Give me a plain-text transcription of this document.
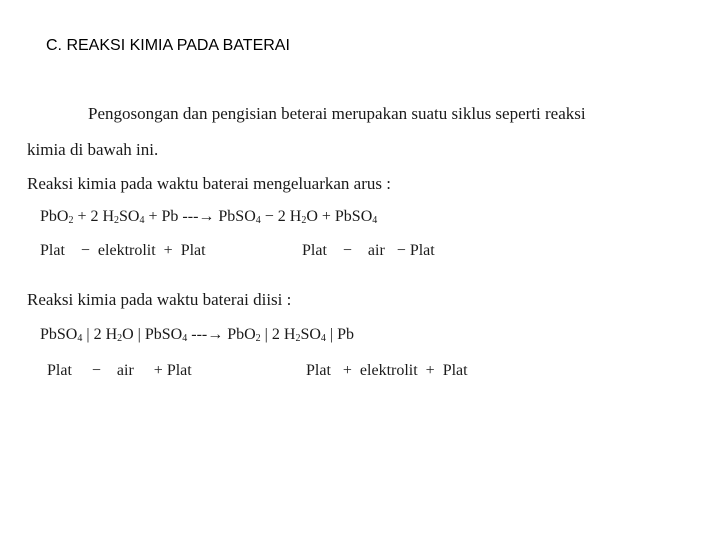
C. REAKSI KIMIA PADA BATERAI
Pengosongan dan pengisian beterai merupakan suatu siklus seperti reaksi
kimia di bawah ini.
Reaksi kimia pada waktu baterai mengeluarkan arus :
PbO$_2$ + 2 $H_2SO_4 + Pb$ ---→ PbSO$_4$ − 2 $H_2O$ + PbSO$_4$
Plat    −  elektrolit  +  Plat	Plat    −    air   − Plat
Reaksi kimia pada waktu baterai diisi :
PbSO$_4$ | 2 $H_2O$ | PbSO$_4$ ---→ PbO$_2$ | 2 $H_2SO_4$ | Pb
Plat     −    air     + Plat	Plat   +  elektrolit  +  Plat
